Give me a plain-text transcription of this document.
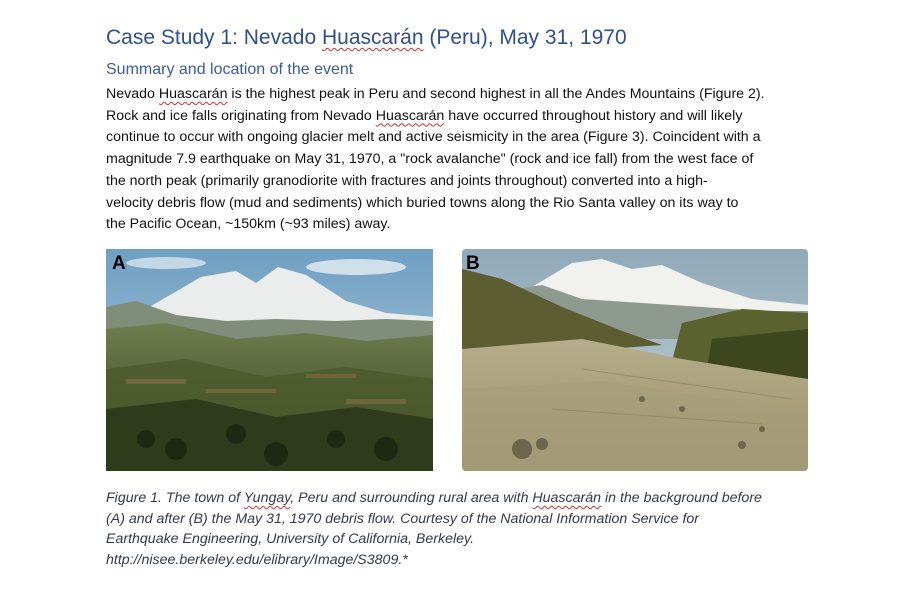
Case Study 1: Nevado Huascarán (Peru), May 31, 1970
Summary and location of the event
Nevado Huascarán is the highest peak in Peru and second highest in all the Andes Mountains (Figure 2).
Rock and ice falls originating from Nevado Huascarán have occurred throughout history and will likely
continue to occur with ongoing glacier melt and active seismicity in the area (Figure 3). Coincident with a
magnitude 7.9 earthquake on May 31, 1970, a "rock avalanche" (rock and ice fall) from the west face of
the north peak (primarily granodiorite with fractures and joints throughout) converted into a high-
velocity debris flow (mud and sediments) which buried towns along the Rio Santa valley on its way to
the Pacific Ocean, ~150km (~93 miles) away.
A	B
Figure 1. The town of Yungay, Peru and surrounding rural area with Huascarán in the background before
(A) and after (B) the May 31, 1970 debris flow. Courtesy of the National Information Service for
Earthquake Engineering, University of California, Berkeley.
http://nisee.berkeley.edu/elibrary/Image/S3809.*
